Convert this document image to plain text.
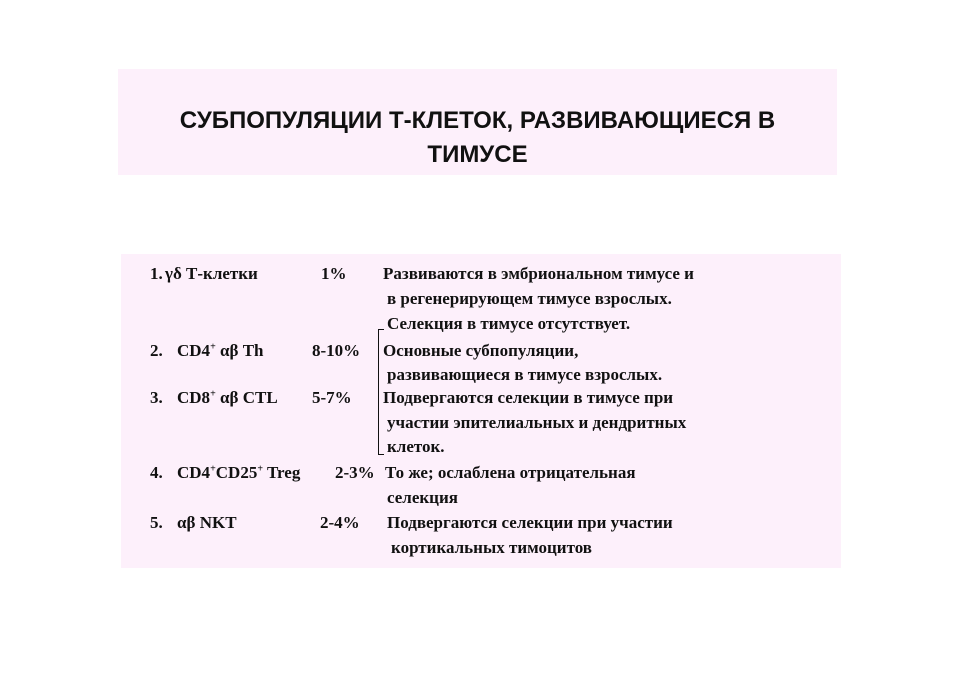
СУБПОПУЛЯЦИИ Т-КЛЕТОК, РАЗВИВАЮЩИЕСЯ В
ТИМУСЕ
1. γδ Т-клетки	1% Развиваются в эмбриональном тимусе и
в регенерирующем тимусе взрослых.
Селекция в тимусе отсутствует.
2. CD4+ αβ Th	8-10% Основные субпопуляции,
развивающиеся в тимусе взрослых.
3. CD8+ αβ CTL 5-7% Подвергаются селекции в тимусе при
участии эпителиальных и дендритных
клеток.
4. CD4+CD25+ Treg 2-3% То же; ослаблена отрицательная
селекция
5. αβ NKT	2-4% Подвергаются селекции при участии
кортикальных тимоцитов
